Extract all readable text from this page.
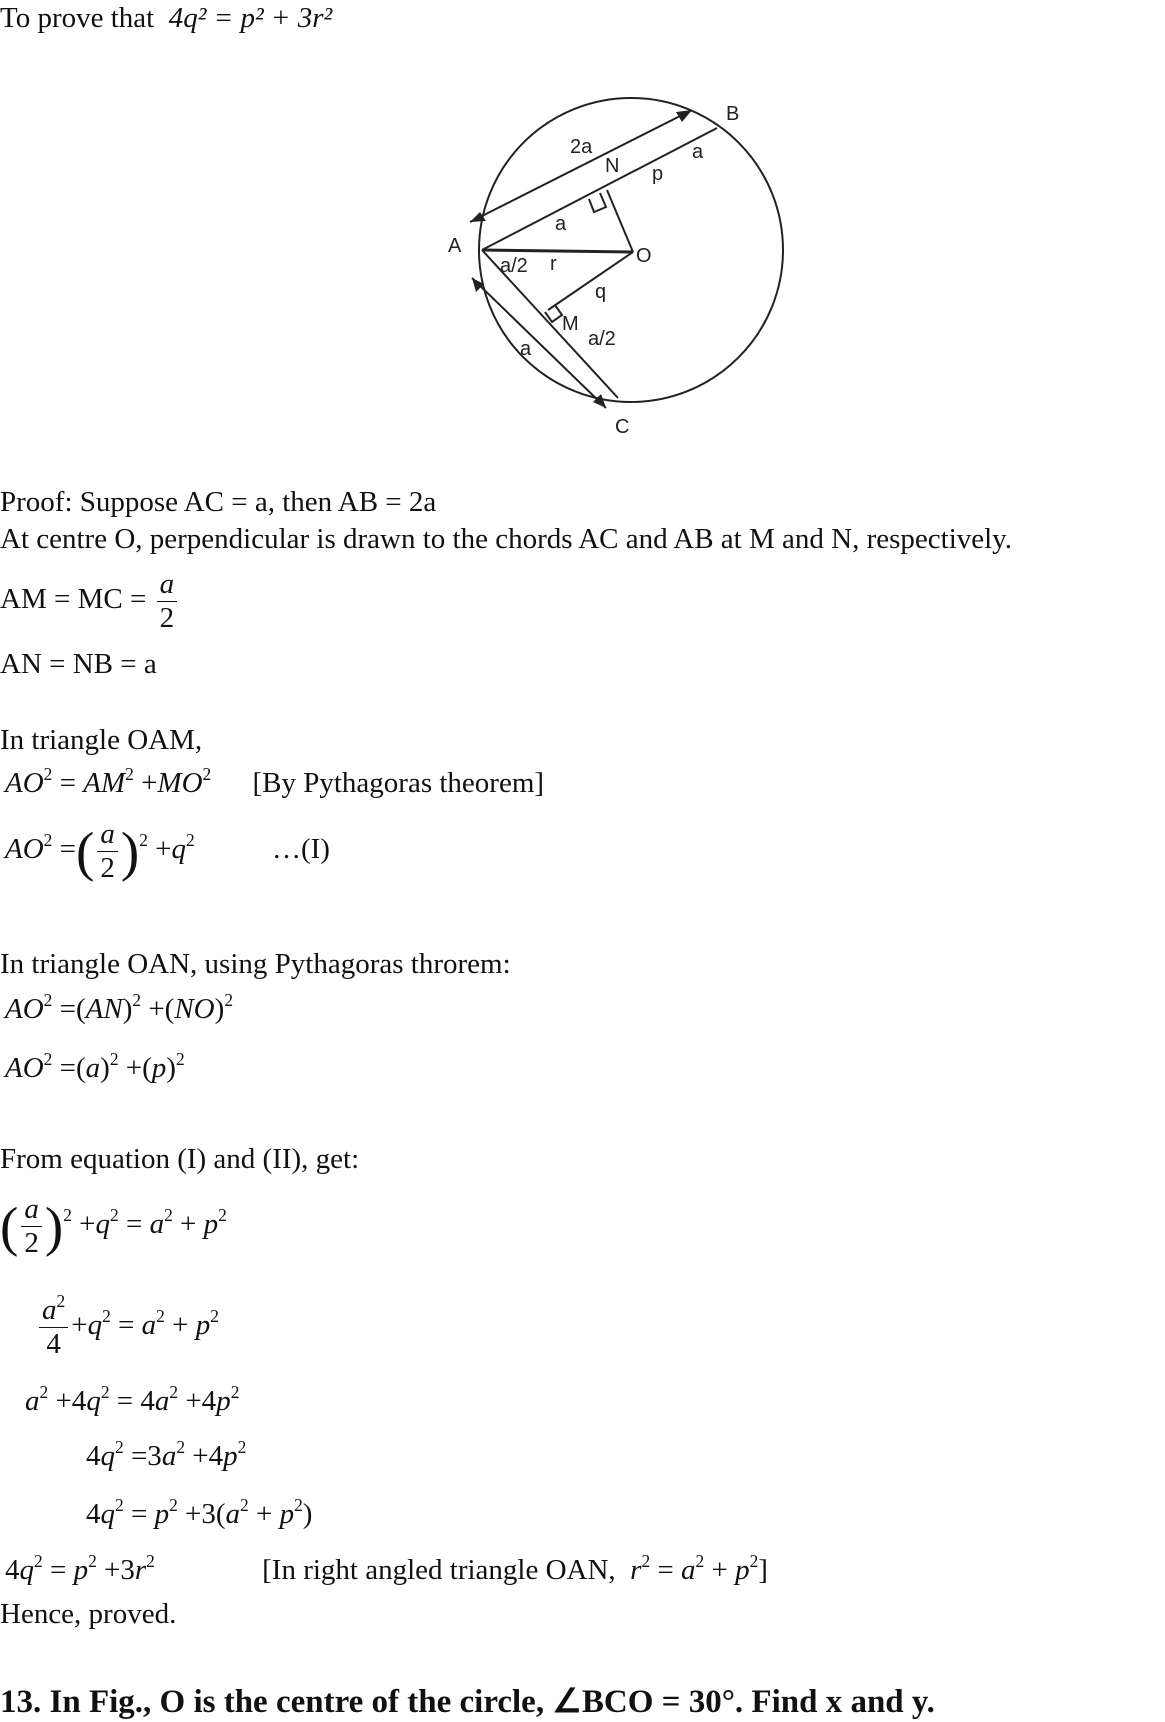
To prove that 4q² = p² + 3r²
A
B
C
O
N
M
2a	a
p
a
a/2 r
q
a/2
a
Proof: Suppose AC = a, then AB = 2a
At centre O, perpendicular is drawn to the chords AC and AB at M and N, respectively.
AM = MC = $\frac{a}{2}$
AN = NB = a
In triangle OAM,
$AO^2 = AM^2 +MO^2$ [By Pythagoras theorem]
$AO^2$ =( $\frac{a}{2} )^2 +q^2$	…(I)
In triangle OAN, using Pythagoras throrem:
$AO^2 =(AN)^2 +(NO)^2$
$AO^2 =(a)^2 +(p)^2$
From equation (I) and (II), get:
( $\frac{a}{2} )^2 +q^2 = a^2 + p^2$
$\frac{a^2}{4} +q^2 = a^2 + p^2$
$a^2 +4q^2 = 4a^2 +4p^2$
$4q^2 =3a^2 +4p^2$
$4q^2 = p^2 +3(a^2 + p^2)$
$4q^2 = p^2 +3r^2$	[In right angled triangle OAN, $r^2 = a^2 + p^2$]
Hence, proved.
13. In Fig., O is the centre of the circle, ∠BCO = 30°. Find x and y.
